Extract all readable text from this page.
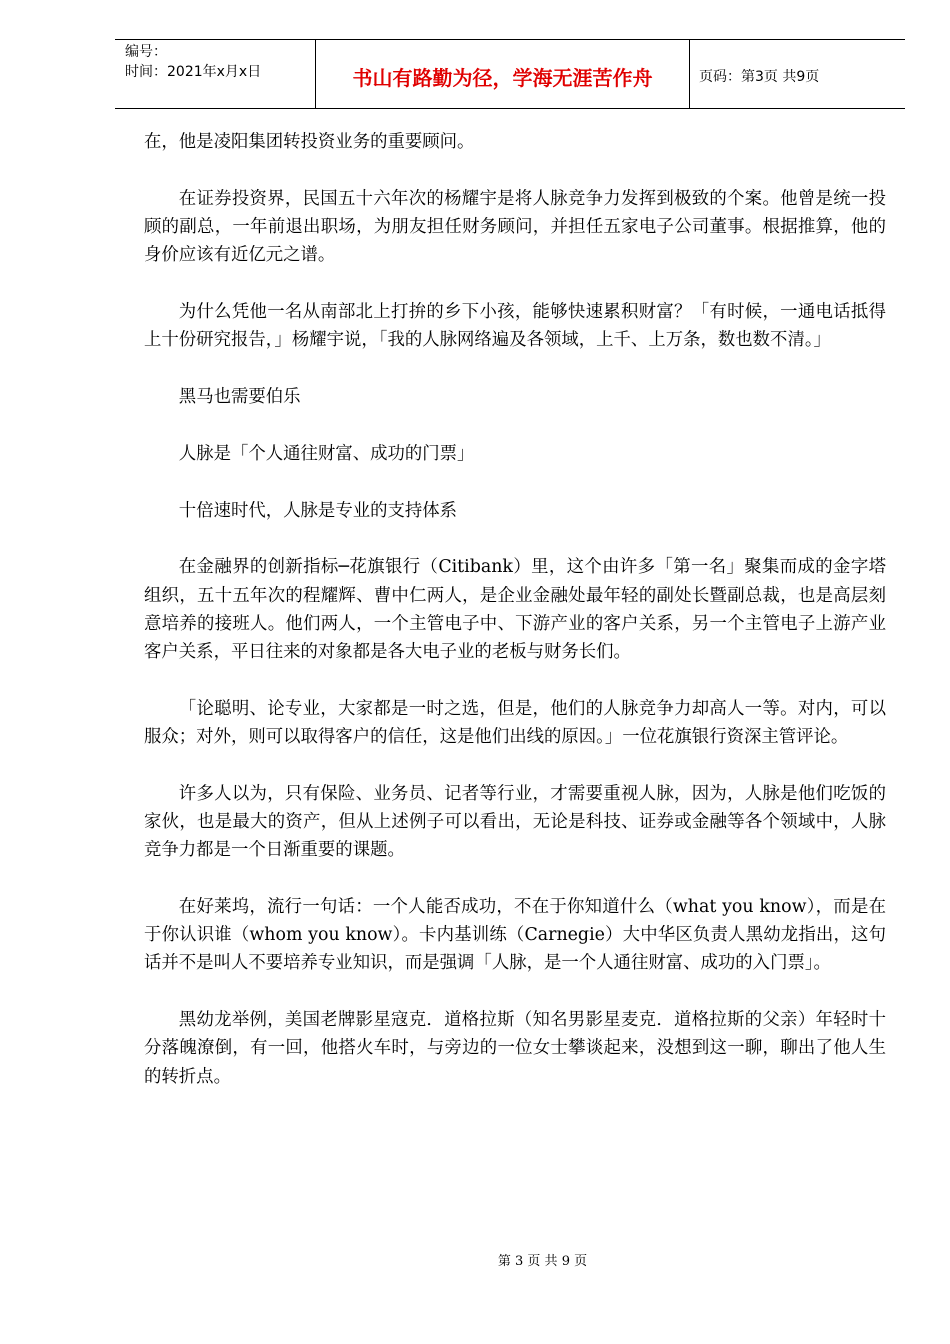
编号：
时间：2021年x月x日	书山有路勤为径，学海无涯苦作舟	页码：第3页 共9页

在，他是凌阳集团转投资业务的重要顾问。

在证券投资界，民国五十六年次的杨耀宇是将人脉竞争力发挥到极致的个案。他曾是统一投顾的副总，一年前退出职场，为朋友担任财务顾问，并担任五家电子公司董事。根据推算，他的身价应该有近亿元之谱。

为什么凭他一名从南部北上打拚的乡下小孩，能够快速累积财富？「有时候，一通电话抵得上十份研究报告，」杨耀宇说，「我的人脉网络遍及各领域，上千、上万条，数也数不清。」

黑马也需要伯乐

人脉是「个人通往财富、成功的门票」

十倍速时代，人脉是专业的支持体系

在金融界的创新指标─花旗银行（Citibank）里，这个由许多「第一名」聚集而成的金字塔组织，五十五年次的程耀辉、曹中仁两人，是企业金融处最年轻的副处长暨副总裁，也是高层刻意培养的接班人。他们两人，一个主管电子中、下游产业的客户关系，另一个主管电子上游产业客户关系，平日往来的对象都是各大电子业的老板与财务长们。

「论聪明、论专业，大家都是一时之选，但是，他们的人脉竞争力却高人一等。对内，可以服众；对外，则可以取得客户的信任，这是他们出线的原因。」一位花旗银行资深主管评论。

许多人以为，只有保险、业务员、记者等行业，才需要重视人脉，因为，人脉是他们吃饭的家伙，也是最大的资产，但从上述例子可以看出，无论是科技、证券或金融等各个领域中，人脉竞争力都是一个日渐重要的课题。

在好莱坞，流行一句话：一个人能否成功，不在于你知道什么（what you know），而是在于你认识谁（whom you know）。卡内基训练（Carnegie）大中华区负责人黑幼龙指出，这句话并不是叫人不要培养专业知识，而是强调「人脉，是一个人通往财富、成功的入门票」。

黑幼龙举例，美国老牌影星寇克．道格拉斯（知名男影星麦克．道格拉斯的父亲）年轻时十分落魄潦倒，有一回，他搭火车时，与旁边的一位女士攀谈起来，没想到这一聊，聊出了他人生的转折点。

第 3 页 共 9 页
